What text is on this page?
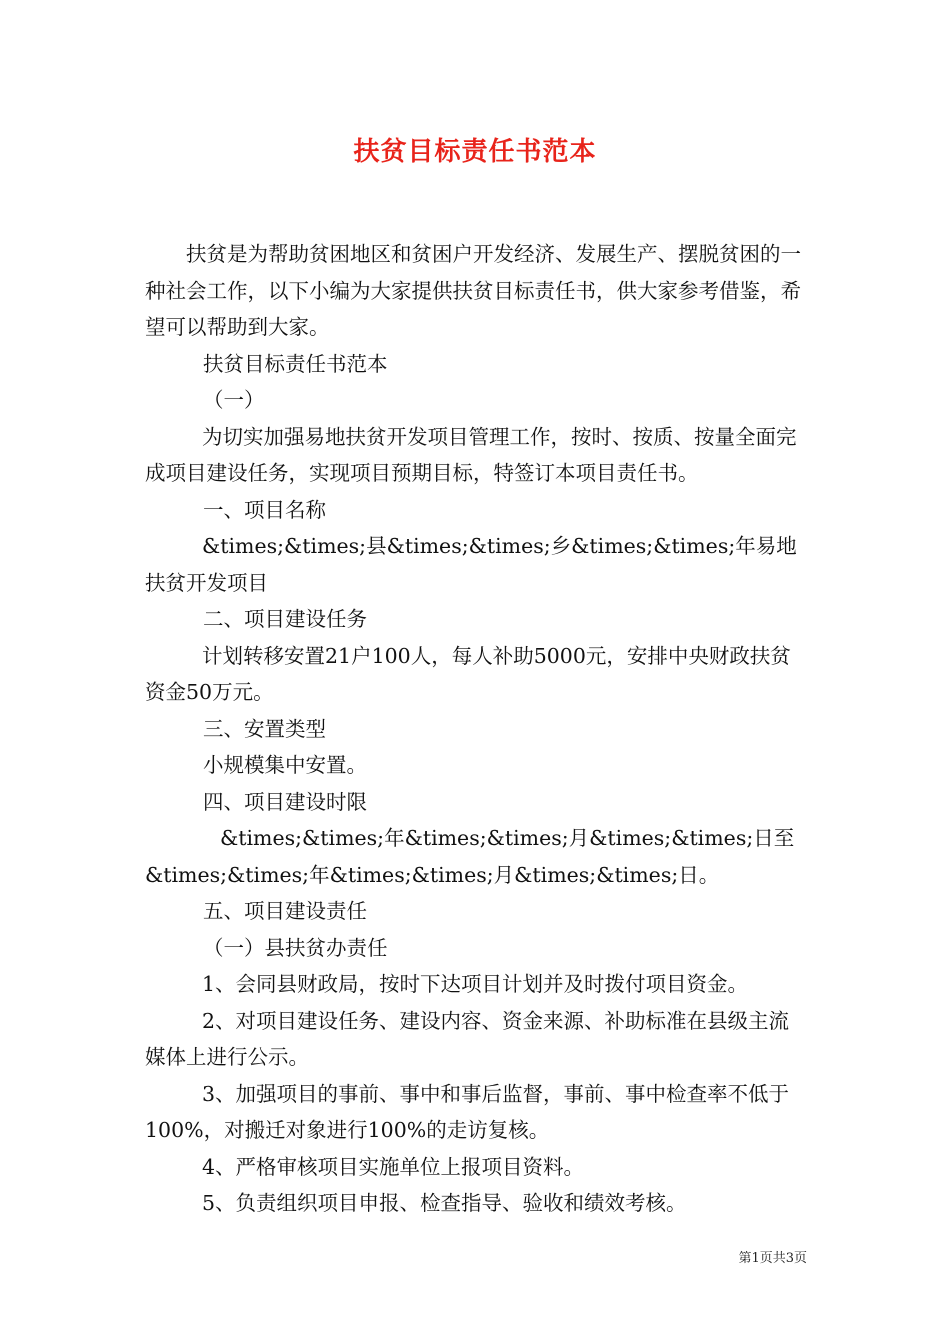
扶贫目标责任书范本

扶贫是为帮助贫困地区和贫困户开发经济、发展生产、摆脱贫困的一种社会工作，以下小编为大家提供扶贫目标责任书，供大家参考借鉴，希望可以帮助到大家。

扶贫目标责任书范本

（一）

为切实加强易地扶贫开发项目管理工作，按时、按质、按量全面完成项目建设任务，实现项目预期目标，特签订本项目责任书。

一、项目名称

&times;&times;县&times;&times;乡&times;&times;年易地扶贫开发项目

二、项目建设任务

计划转移安置21户100人，每人补助5000元，安排中央财政扶贫资金50万元。

三、安置类型

小规模集中安置。

四、项目建设时限

&times;&times;年&times;&times;月&times;&times;日至&times;&times;年&times;&times;月&times;&times;日。

五、项目建设责任

（一）县扶贫办责任

1、会同县财政局，按时下达项目计划并及时拨付项目资金。

2、对项目建设任务、建设内容、资金来源、补助标准在县级主流媒体上进行公示。

3、加强项目的事前、事中和事后监督，事前、事中检查率不低于100%，对搬迁对象进行100%的走访复核。

4、严格审核项目实施单位上报项目资料。

5、负责组织项目申报、检查指导、验收和绩效考核。

第1页共3页
